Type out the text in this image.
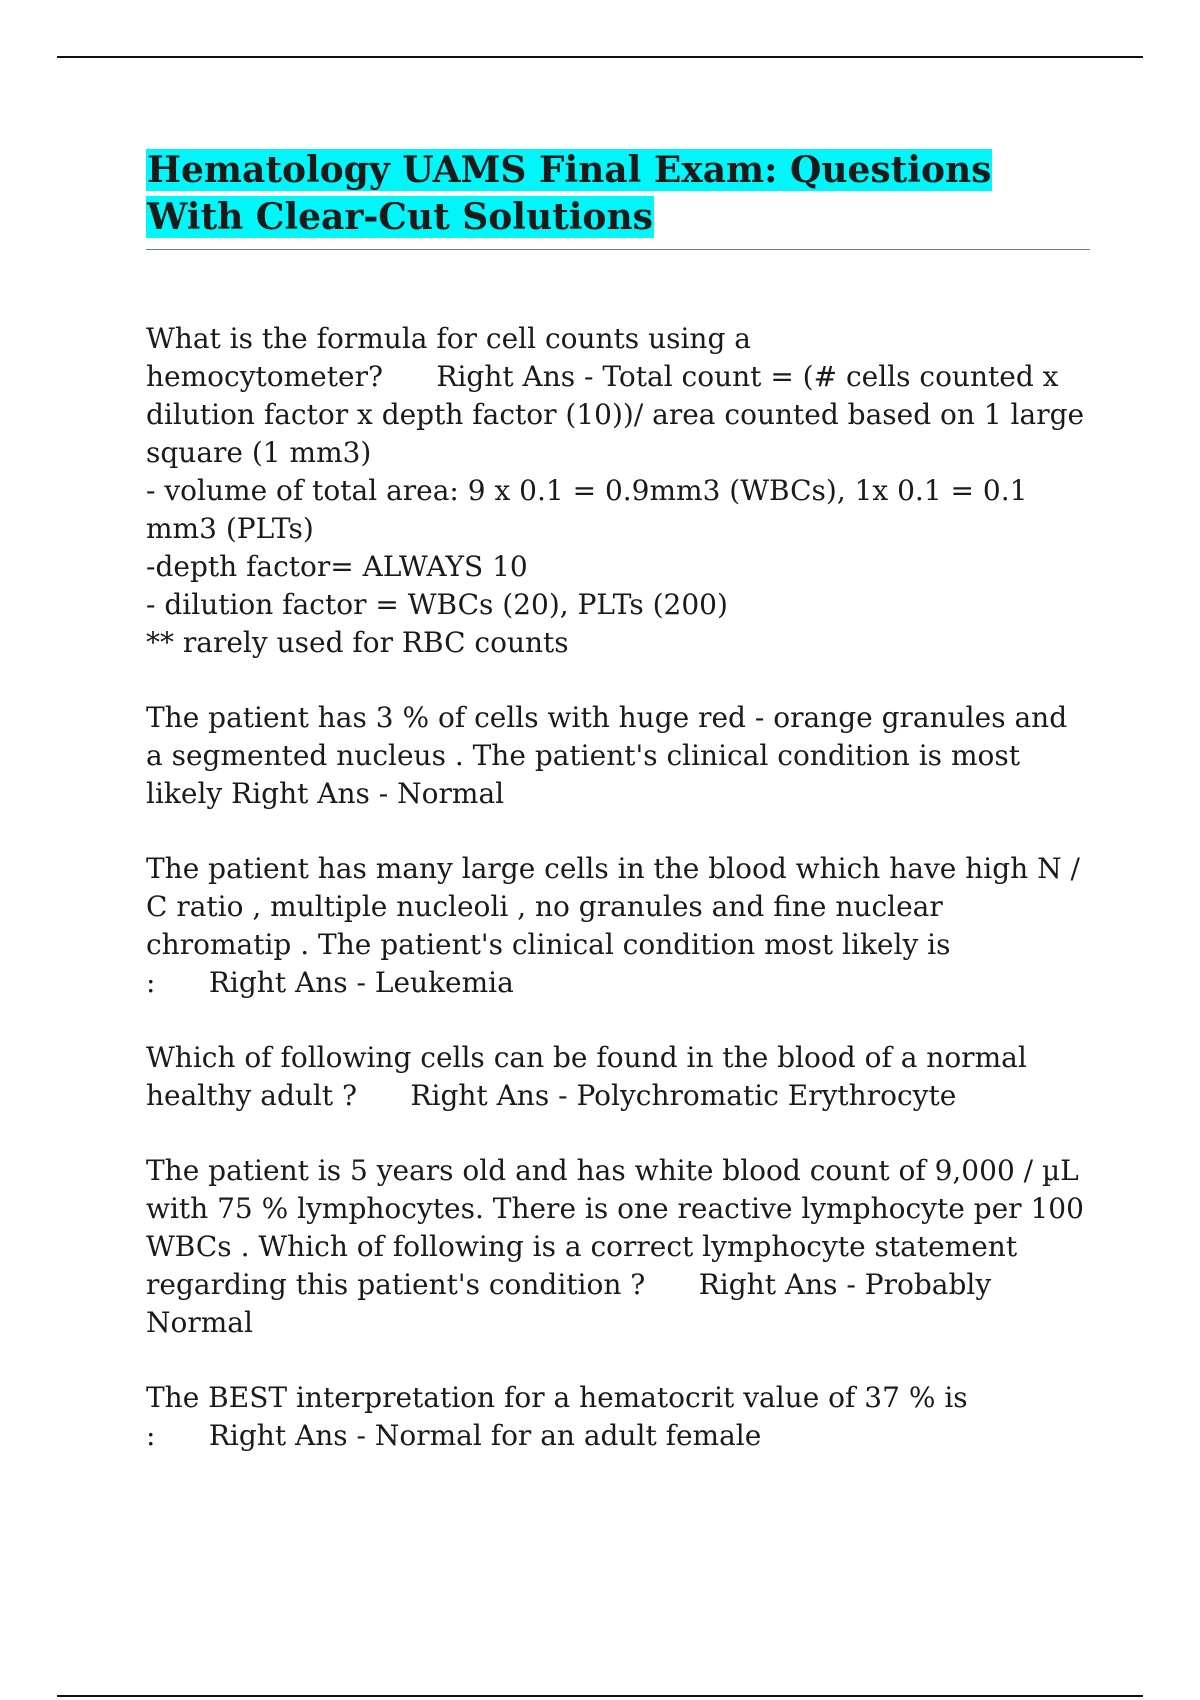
Hematology UAMS Final Exam: Questions With Clear-Cut Solutions

What is the formula for cell counts using a hemocytometer?      Right Ans - Total count = (# cells counted x dilution factor x depth factor (10))/ area counted based on 1 large square (1 mm3)
- volume of total area: 9 x 0.1 = 0.9mm3 (WBCs), 1x 0.1 = 0.1 mm3 (PLTs)
-depth factor= ALWAYS 10
- dilution factor = WBCs (20), PLTs (200)
** rarely used for RBC counts

The patient has 3 % of cells with huge red - orange granules and a segmented nucleus . The patient's clinical condition is most likely Right Ans - Normal

The patient has many large cells in the blood which have high N / C ratio , multiple nucleoli , no granules and fine nuclear chromatip . The patient's clinical condition most likely is :      Right Ans - Leukemia

Which of following cells can be found in the blood of a normal healthy adult ?      Right Ans - Polychromatic Erythrocyte

The patient is 5 years old and has white blood count of 9,000 / µL with 75 % lymphocytes. There is one reactive lymphocyte per 100 WBCs . Which of following is a correct lymphocyte statement regarding this patient's condition ?      Right Ans - Probably Normal

The BEST interpretation for a hematocrit value of 37 % is :      Right Ans - Normal for an adult female
